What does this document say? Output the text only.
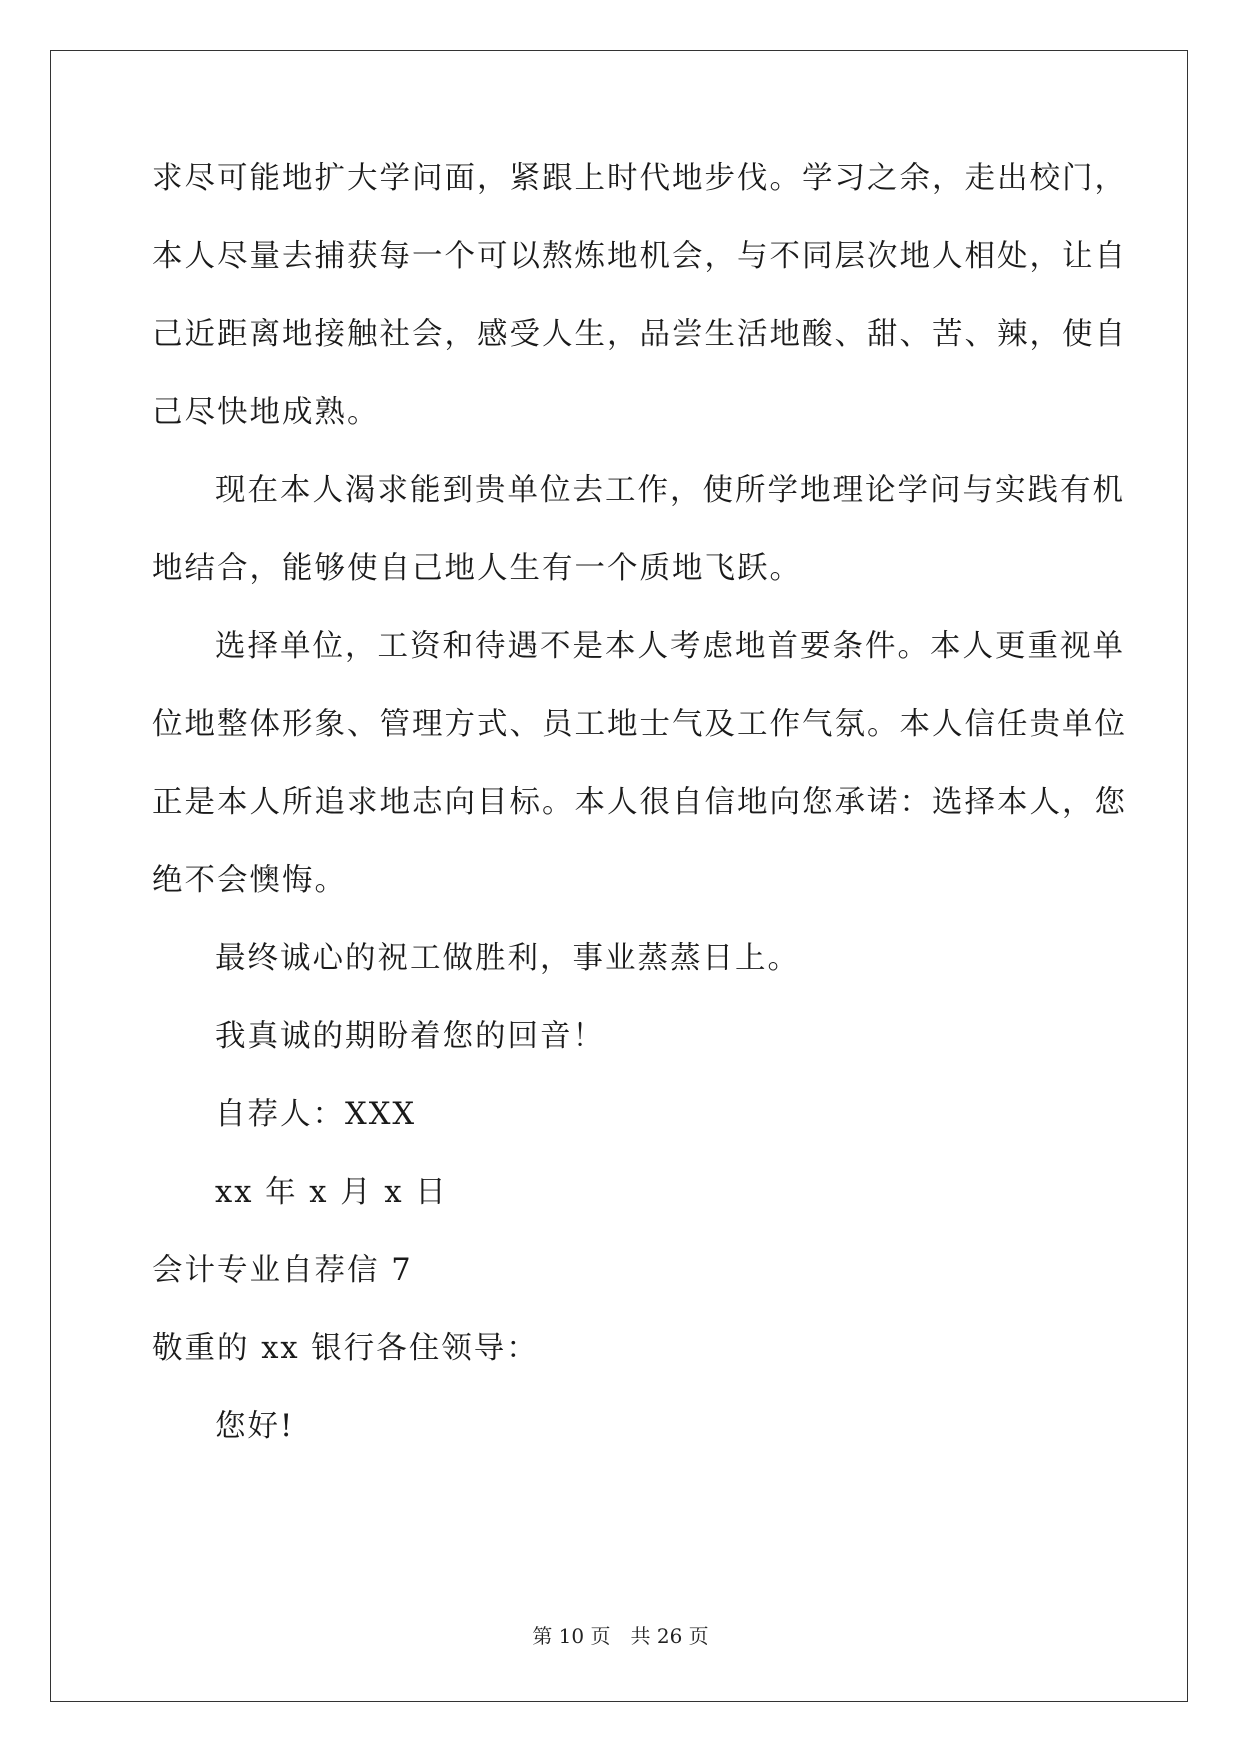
求尽可能地扩大学问面，紧跟上时代地步伐。学习之余，走出校门，

本人尽量去捕获每一个可以熬炼地机会，与不同层次地人相处，让自

己近距离地接触社会，感受人生，品尝生活地酸、甜、苦、辣，使自

己尽快地成熟。

现在本人渴求能到贵单位去工作，使所学地理论学问与实践有机

地结合，能够使自己地人生有一个质地飞跃。

选择单位，工资和待遇不是本人考虑地首要条件。本人更重视单

位地整体形象、管理方式、员工地士气及工作气氛。本人信任贵单位

正是本人所追求地志向目标。本人很自信地向您承诺：选择本人，您

绝不会懊悔。

最终诚心的祝工做胜利，事业蒸蒸日上。

我真诚的期盼着您的回音！

自荐人：XXX

xx 年 x 月 x 日

会计专业自荐信 7

敬重的 xx 银行各住领导：

您好!

第 10 页 共 26 页
